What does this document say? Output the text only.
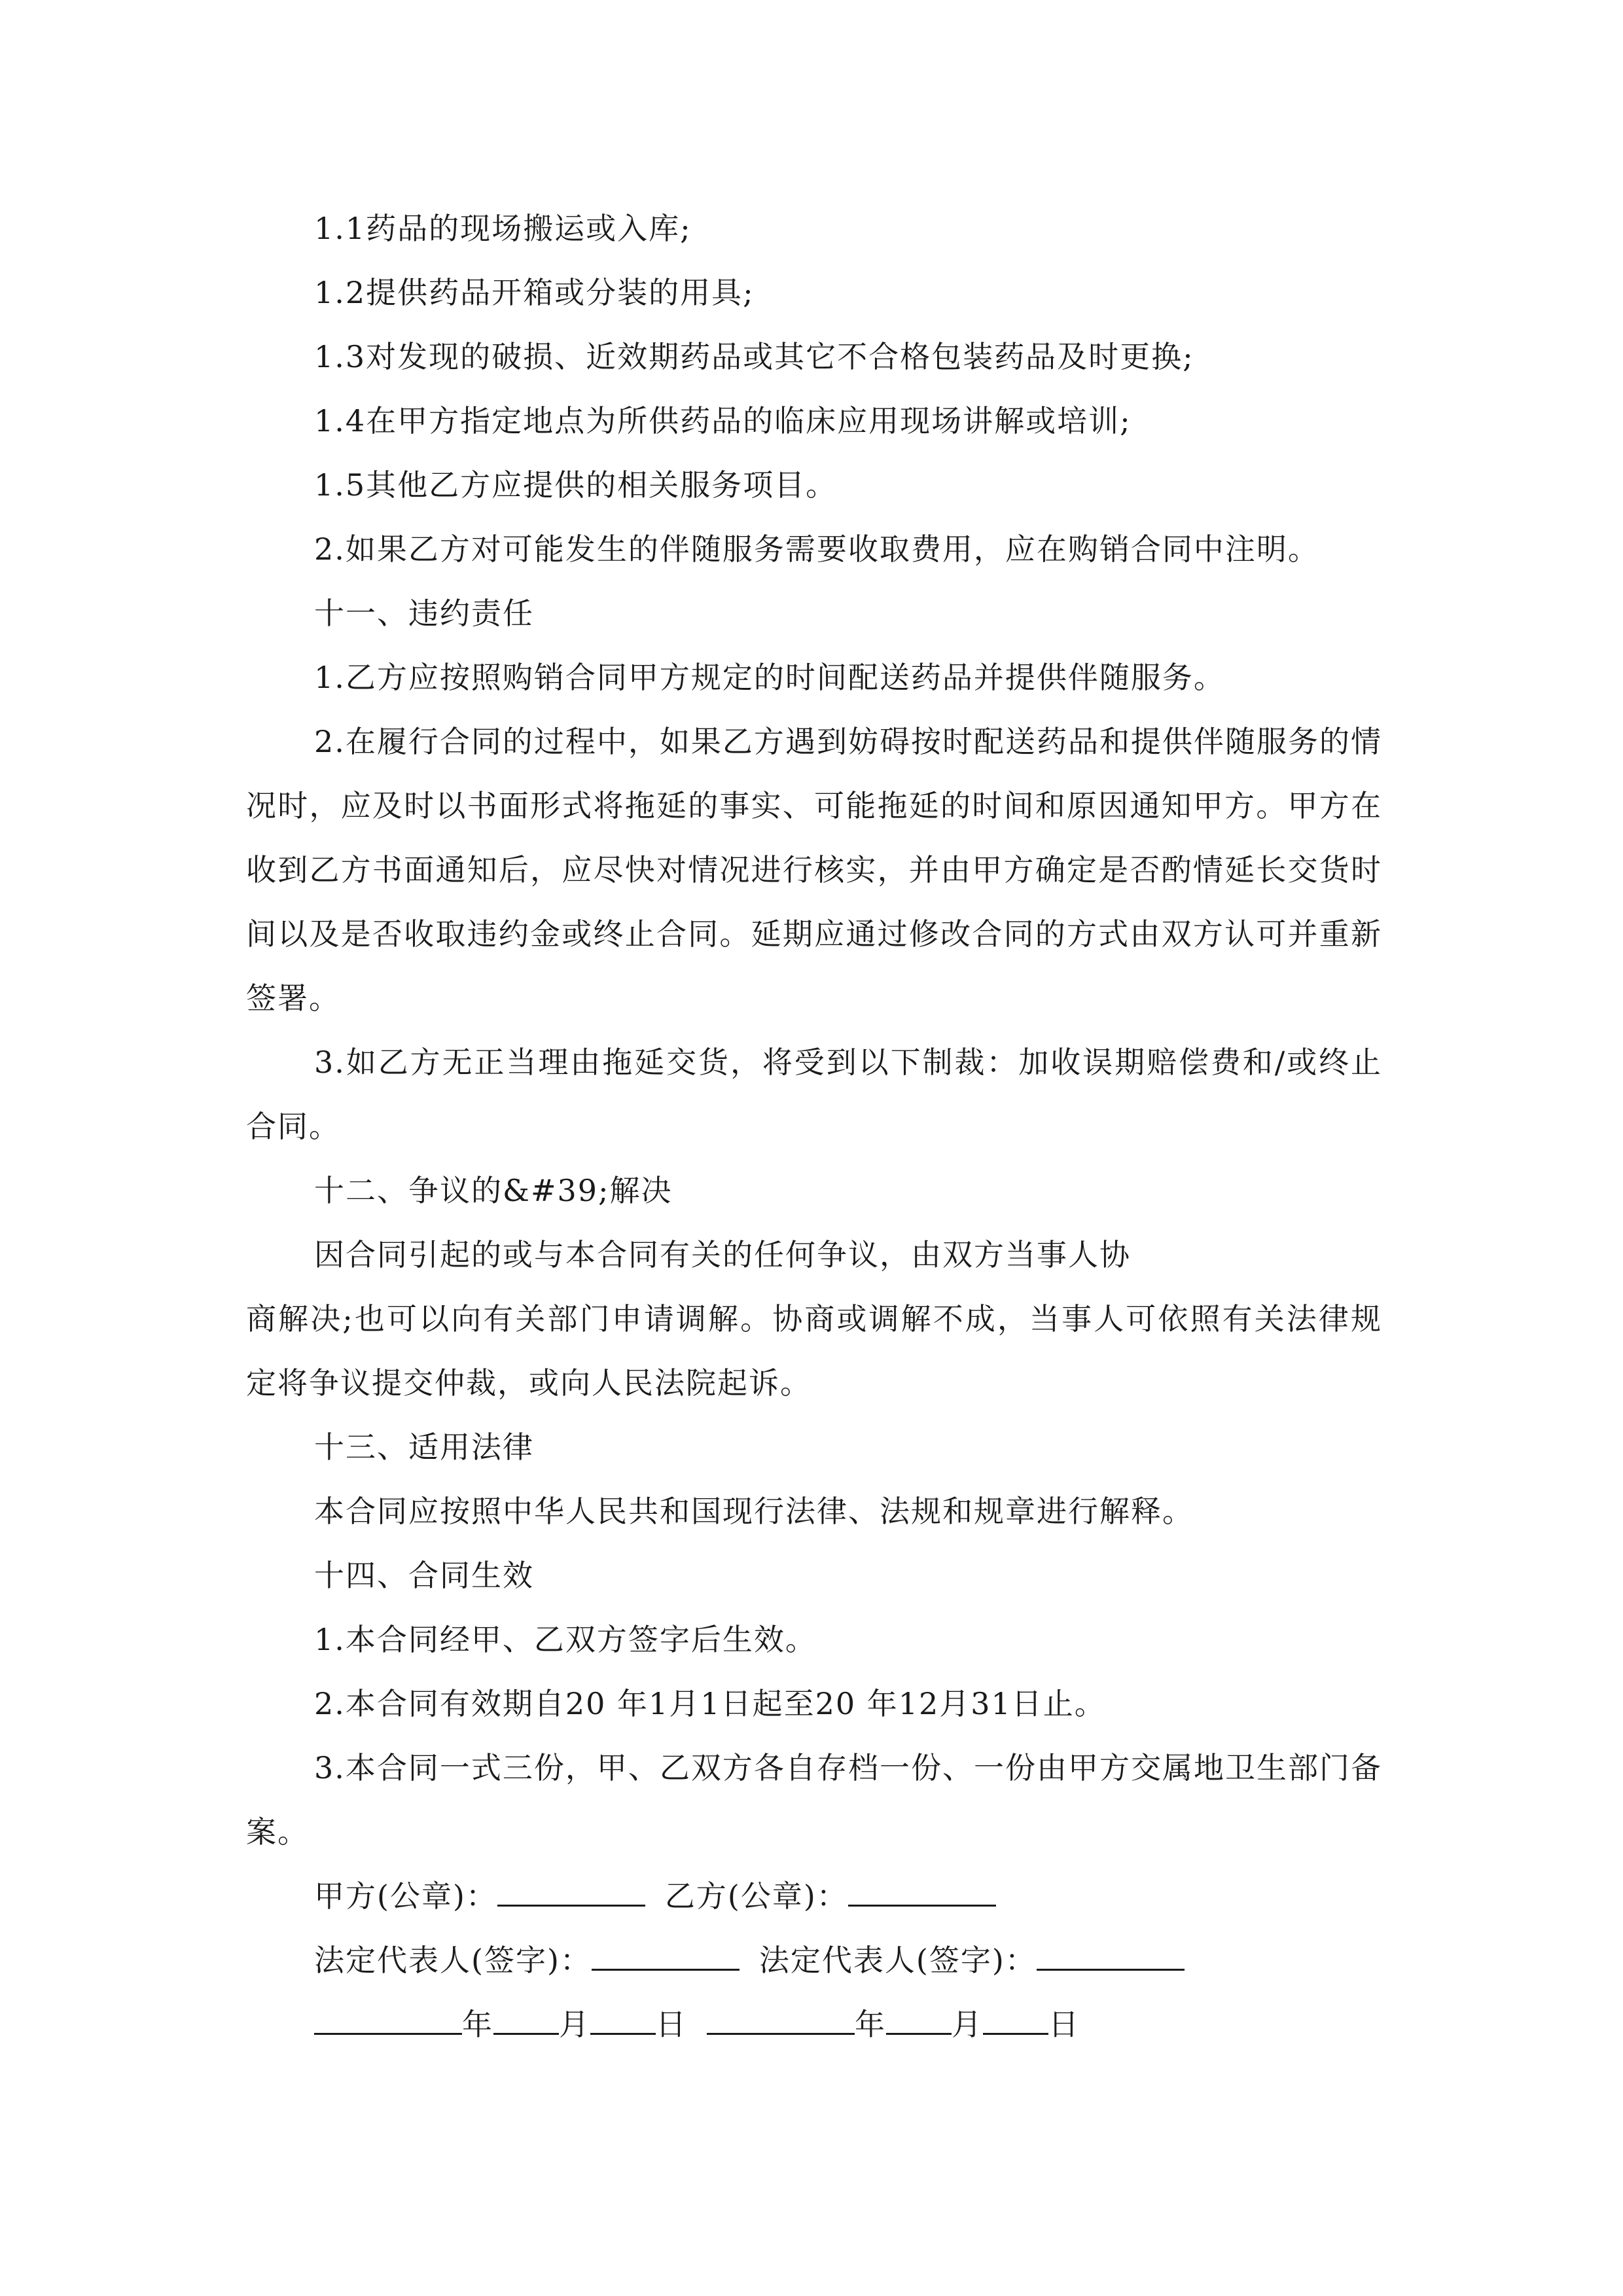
1.1药品的现场搬运或入库;

1.2提供药品开箱或分装的用具;

1.3对发现的破损、近效期药品或其它不合格包装药品及时更换;

1.4在甲方指定地点为所供药品的临床应用现场讲解或培训;

1.5其他乙方应提供的相关服务项目。

2.如果乙方对可能发生的伴随服务需要收取费用，应在购销合同中注明。

十一、违约责任

1.乙方应按照购销合同甲方规定的时间配送药品并提供伴随服务。

2.在履行合同的过程中，如果乙方遇到妨碍按时配送药品和提供伴随服务的情况时，应及时以书面形式将拖延的事实、可能拖延的时间和原因通知甲方。甲方在收到乙方书面通知后，应尽快对情况进行核实，并由甲方确定是否酌情延长交货时间以及是否收取违约金或终止合同。延期应通过修改合同的方式由双方认可并重新签署。

3.如乙方无正当理由拖延交货，将受到以下制裁：加收误期赔偿费和/或终止合同。

十二、争议的&#39;解决

因合同引起的或与本合同有关的任何争议，由双方当事人协

商解决;也可以向有关部门申请调解。协商或调解不成，当事人可依照有关法律规定将争议提交仲裁，或向人民法院起诉。

十三、适用法律

本合同应按照中华人民共和国现行法律、法规和规章进行解释。

十四、合同生效

1.本合同经甲、乙双方签字后生效。

2.本合同有效期自20 年1月1日起至20 年12月31日止。

3.本合同一式三份，甲、乙双方各自存档一份、一份由甲方交属地卫生部门备案。

甲方(公章)：	乙方(公章)：

法定代表人(签字)：	法定代表人(签字)：

年 月 日	年 月 日
